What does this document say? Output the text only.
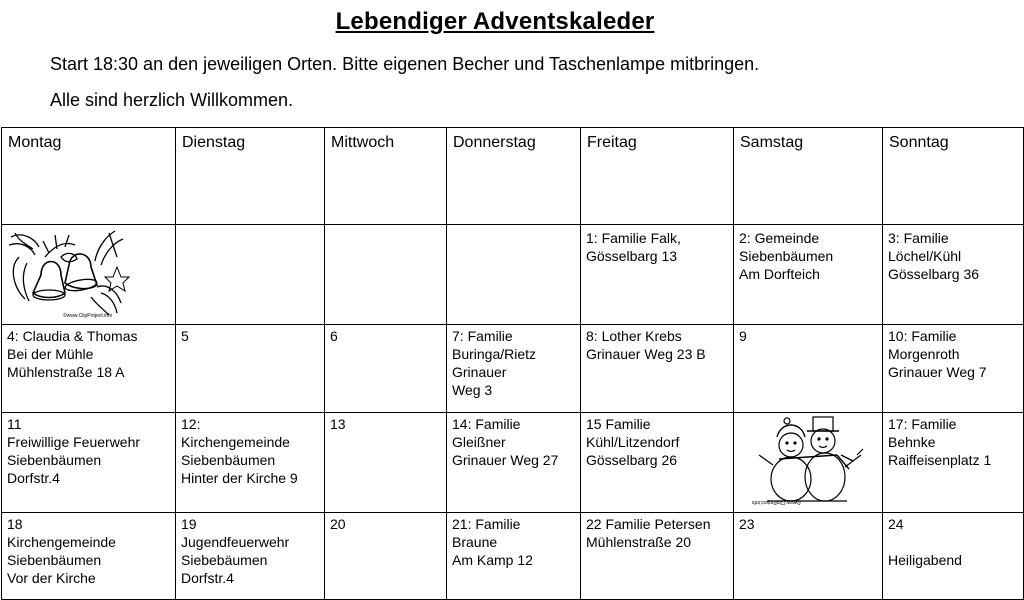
Lebendiger Adventskaleder
Start 18:30 an den jeweiligen Orten. Bitte eigenen Becher und Taschenlampe mitbringen.
Alle sind herzlich Willkommen.
Montag	Dienstag	Mittwoch	Donnerstag	Freitag	Samstag	Sonntag

©www.ClipProject.info				1: Familie Falk,
Gösselbarg 13	2: Gemeinde
Siebenbäumen
Am Dorfteich	3: Familie
Löchel/Kühl
Gösselbarg 36
4: Claudia & Thomas
Bei der Mühle
Mühlenstraße 18 A	5	6	7: Familie
Buringa/Rietz
Grinauer
Weg 3	8: Lother Krebs
Grinauer Weg 23 B	9	10: Familie
Morgenroth
Grinauer Weg 7
11
Freiwillige Feuerwehr
Siebenbäumen
Dorfstr.4	12:
Kirchengemeinde
Siebenbäumen
Hinter der Kirche 9	13	14: Familie
Gleißner
Grinauer Weg 27	15 Familie
Kühl/Litzendorf
Gösselbarg 26	©www.ClipProject.info	17: Familie
Behnke
Raiffeisenplatz 1
18
Kirchengemeinde
Siebenbäumen
Vor der Kirche	19
Jugendfeuerwehr
Siebebäumen
Dorfstr.4	20	21: Familie
Braune
Am Kamp 12	22 Familie Petersen
Mühlenstraße 20	23	24

Heiligabend
